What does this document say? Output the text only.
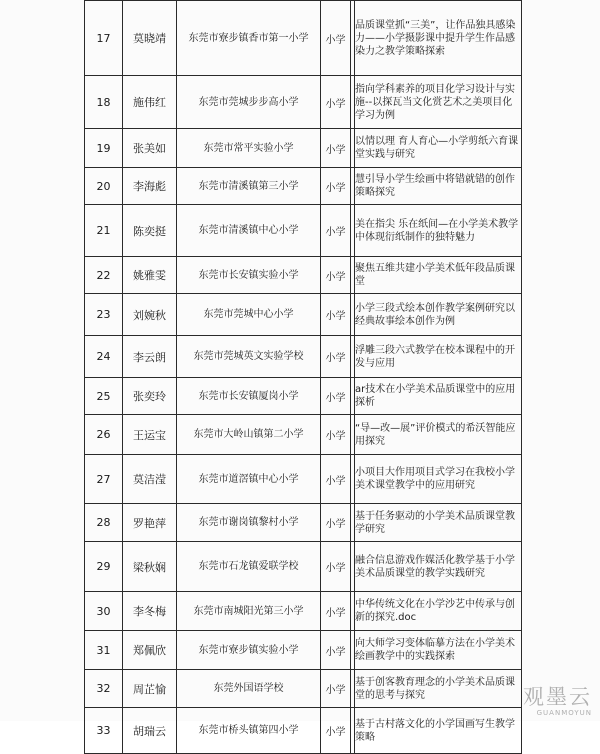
17	莫晓靖	东莞市寮步镇香市第一小学	小学		品质课堂抓“三美”，让作品独具感染力——小学摄影课中提升学生作品感染力之教学策略探索
18	施伟红	东莞市莞城步步高小学	小学		指向学科素养的项目化学习设计与实施--以探瓦当文化赏艺术之美项目化学习为例
19	张美如	东莞市常平实验小学	小学		以情以理 育人育心—小学剪纸六育课堂实践与研究
20	李海彪	东莞市清溪镇第三小学	小学		慧引导小学生绘画中将错就错的创作策略探究
21	陈奕挺	东莞市清溪镇中心小学	小学		美在指尖 乐在纸间—在小学美术教学中体现衍纸制作的独特魅力
22	姚雅雯	东莞市长安镇实验小学	小学		聚焦五维共建小学美术低年段品质课堂
23	刘婉秋	东莞市莞城中心小学	小学		小学三段式绘本创作教学案例研究以经典故事绘本创作为例
24	李云朗	东莞市莞城英文实验学校	小学		浮雕三段六式教学在校本课程中的开发与应用
25	张奕玲	东莞市长安镇厦岗小学	小学		ar技术在小学美术品质课堂中的应用探析
26	王运宝	东莞市大岭山镇第二小学	小学		“导—改—展”评价模式的希沃智能应用探究
27	莫洁滢	东莞市道滘镇中心小学	小学		小项目大作用项目式学习在我校小学美术课堂教学中的应用研究
28	罗艳萍	东莞市谢岗镇黎村小学	小学		基于任务驱动的小学美术品质课堂教学研究
29	梁秋娴	东莞市石龙镇爱联学校	小学		融合信息游戏作媒活化教学基于小学美术品质课堂的教学实践研究
30	李冬梅	东莞市南城阳光第三小学	小学		中华传统文化在小学沙艺中传承与创新的探究.doc
31	郑佩欣	东莞市寮步镇实验小学	小学		向大师学习变体临摹方法在小学美术绘画教学中的实践探索
32	周芷愉	东莞外国语学校	小学		基于创客教育理念的小学美术品质课堂的思考与探究
33	胡瑞云	东莞市桥头镇第四小学	小学		基于古村落文化的小学国画写生教学策略
观墨云
GUANMOYUN
